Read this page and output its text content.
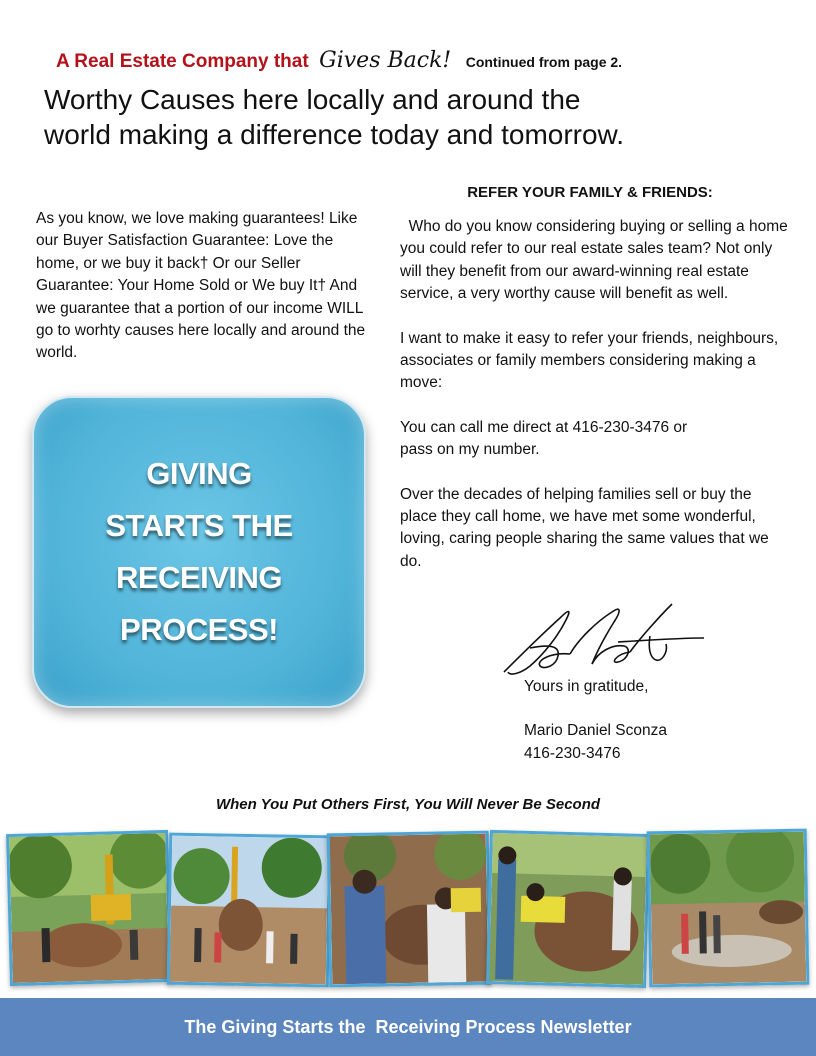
A Real Estate Company that Gives Back! Continued from page 2.
Worthy Causes here locally and around the
world making a difference today and tomorrow.
As you know, we love making guarantees! Like our Buyer Satisfaction Guarantee: Love the home, or we buy it back† Or our Seller Guarantee: Your Home Sold or We buy It† And we guarantee that a portion of our income WILL go to worhty causes here locally and around the world.
GIVING
STARTS THE
RECEIVING
PROCESS!
REFER YOUR FAMILY & FRIENDS:

Who do you know considering buying or selling a home you could refer to our real estate sales team? Not only will they benefit from our award-winning real estate service, a very worthy cause will benefit as well.

I want to make it easy to refer your friends, neighbours, associates or family members considering making a move:

You can call me direct at 416-230-3476 or
pass on my number.

Over the decades of helping families sell or buy the place they call home, we have met some wonderful, loving, caring people sharing the same values that we do.

Yours in gratitude,
Mario Daniel Sconza
416-230-3476
When You Put Others First, You Will Never Be Second
The Giving Starts the  Receiving Process Newsletter
